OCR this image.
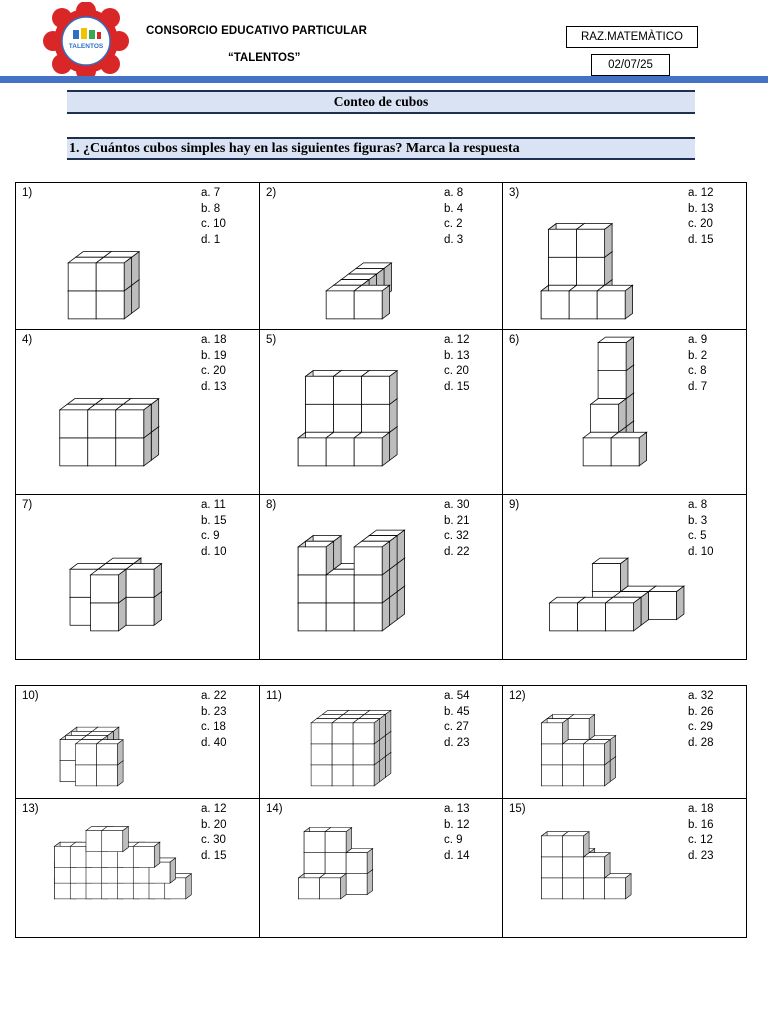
TALENTOS
CONSORCIO EDUCATIVO PARTICULAR
“TALENTOS”
RAZ.MATEMÀTICO
02/07/25
Conteo de cubos
1. ¿Cuántos cubos simples hay en las siguientes figuras? Marca la respuesta
1)	a. 7
b. 8
c. 10
d. 1
2)	a. 8
b. 4
c. 2
d. 3
3)	a. 12
b. 13
c. 20
d. 15
4)	a. 18
b. 19
c. 20
d. 13
5)	a. 12
b. 13
c. 20
d. 15
6)	a. 9
b. 2
c. 8
d. 7
7)	a. 11
b. 15
c. 9
d. 10
8)	a. 30
b. 21
c. 32
d. 22
9)	a. 8
b. 3
c. 5
d. 10
10)	a. 22
b. 23
c. 18
d. 40
11)	a. 54
b. 45
c. 27
d. 23
12)	a. 32
b. 26
c. 29
d. 28
13)	a. 12
b. 20
c. 30
d. 15
14)	a. 13
b. 12
c. 9
d. 14
15)	a. 18
b. 16
c. 12
d. 23
